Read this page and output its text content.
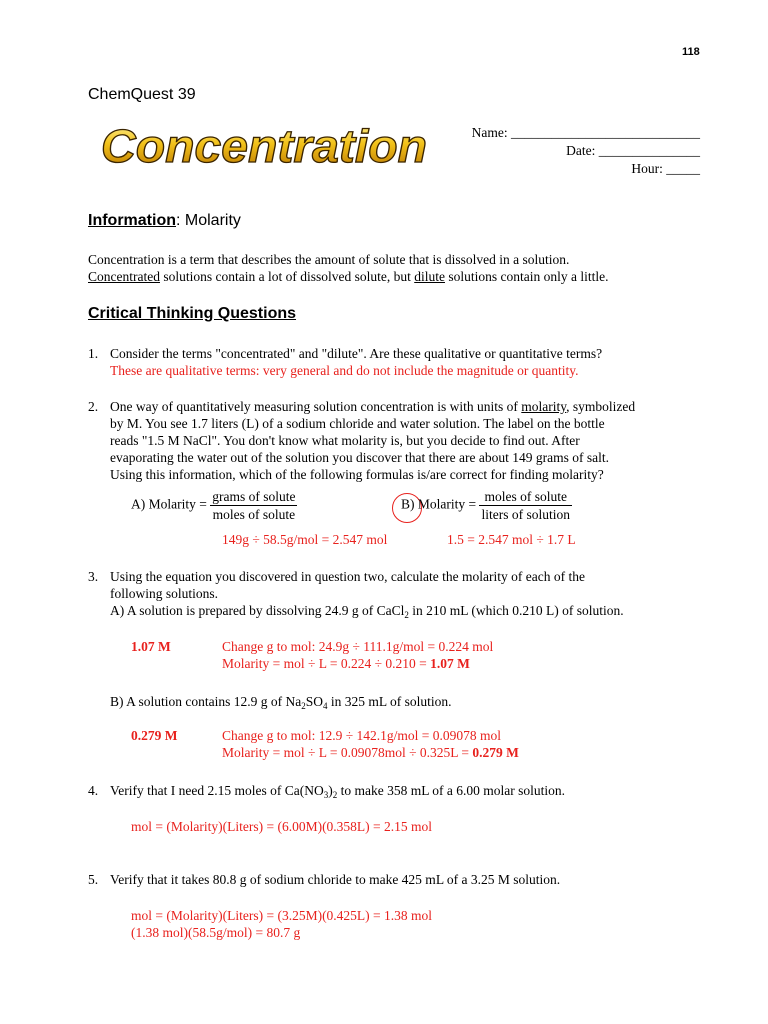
118
ChemQuest 39
Concentration	Name: ____________________________
Date: _______________
Hour: _____
Information: Molarity
Concentration is a term that describes the amount of solute that is dissolved in a solution.
Concentrated solutions contain a lot of dissolved solute, but dilute solutions contain only a little.
Critical Thinking Questions
1. Consider the terms "concentrated" and "dilute". Are these qualitative or quantitative terms?
These are qualitative terms: very general and do not include the magnitude or quantity.
2. One way of quantitatively measuring solution concentration is with units of molarity, symbolized
by M. You see 1.7 liters (L) of a sodium chloride and water solution. The label on the bottle
reads "1.5 M NaCl". You don't know what molarity is, but you decide to find out. After
evaporating the water out of the solution you discover that there are about 149 grams of salt.
Using this information, which of the following formulas is/are correct for finding molarity?
A) Molarity = $\frac{\text{grams of solute}}{\text{moles of solute}}$	B) Molarity = $\frac{\text{moles of solute}}{\text{liters of solution}}$
149g ÷ 58.5g/mol = 2.547 mol	1.5 = 2.547 mol ÷ 1.7 L
3. Using the equation you discovered in question two, calculate the molarity of each of the
following solutions.
A) A solution is prepared by dissolving 24.9 g of CaCl$_2$ in 210 mL (which 0.210 L) of solution.
1.07 M	Change g to mol: 24.9g ÷ 111.1g/mol = 0.224 mol
Molarity = mol ÷ L = 0.224 ÷ 0.210 = 1.07 M
B) A solution contains 12.9 g of $Na_2SO_4$ in 325 mL of solution.
0.279 M	Change g to mol: 12.9 ÷ 142.1g/mol = 0.09078 mol
Molarity = mol ÷ L = 0.09078mol ÷ 0.325L = 0.279 M
4. Verify that I need 2.15 moles of $Ca(NO_3)_2$ to make 358 mL of a 6.00 molar solution.
mol = (Molarity)(Liters) = (6.00M)(0.358L) = 2.15 mol
5. Verify that it takes 80.8 g of sodium chloride to make 425 mL of a 3.25 M solution.
mol = (Molarity)(Liters) = (3.25M)(0.425L) = 1.38 mol
(1.38 mol)(58.5g/mol) = 80.7 g
